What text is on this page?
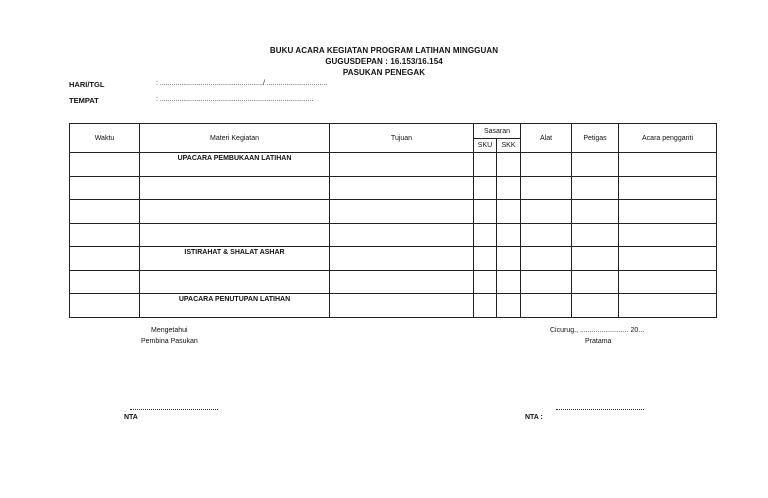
BUKU ACARA KEGIATAN PROGRAM LATIHAN MINGGUAN
GUGUSDEPAN : 16.153/16.154
PASUKAN PENEGAK
HARI/TGL	: ...................................................../ ...............................
TEMPAT	: ...............................................................................
Waktu	Materi Kegiatan	Tujuan	Sasaran		Alat	Petigas	Acara pengganti
			SKU	SKK			
	UPACARA PEMBUKAAN LATIHAN						

	ISTIRAHAT & SHALAT ASHAR						

	UPACARA PENUTUPAN LATIHAN						
Mengetahui
Pembina Pasukan
NTA
Cicurug., ......................... 20...
Pratama
NTA :
